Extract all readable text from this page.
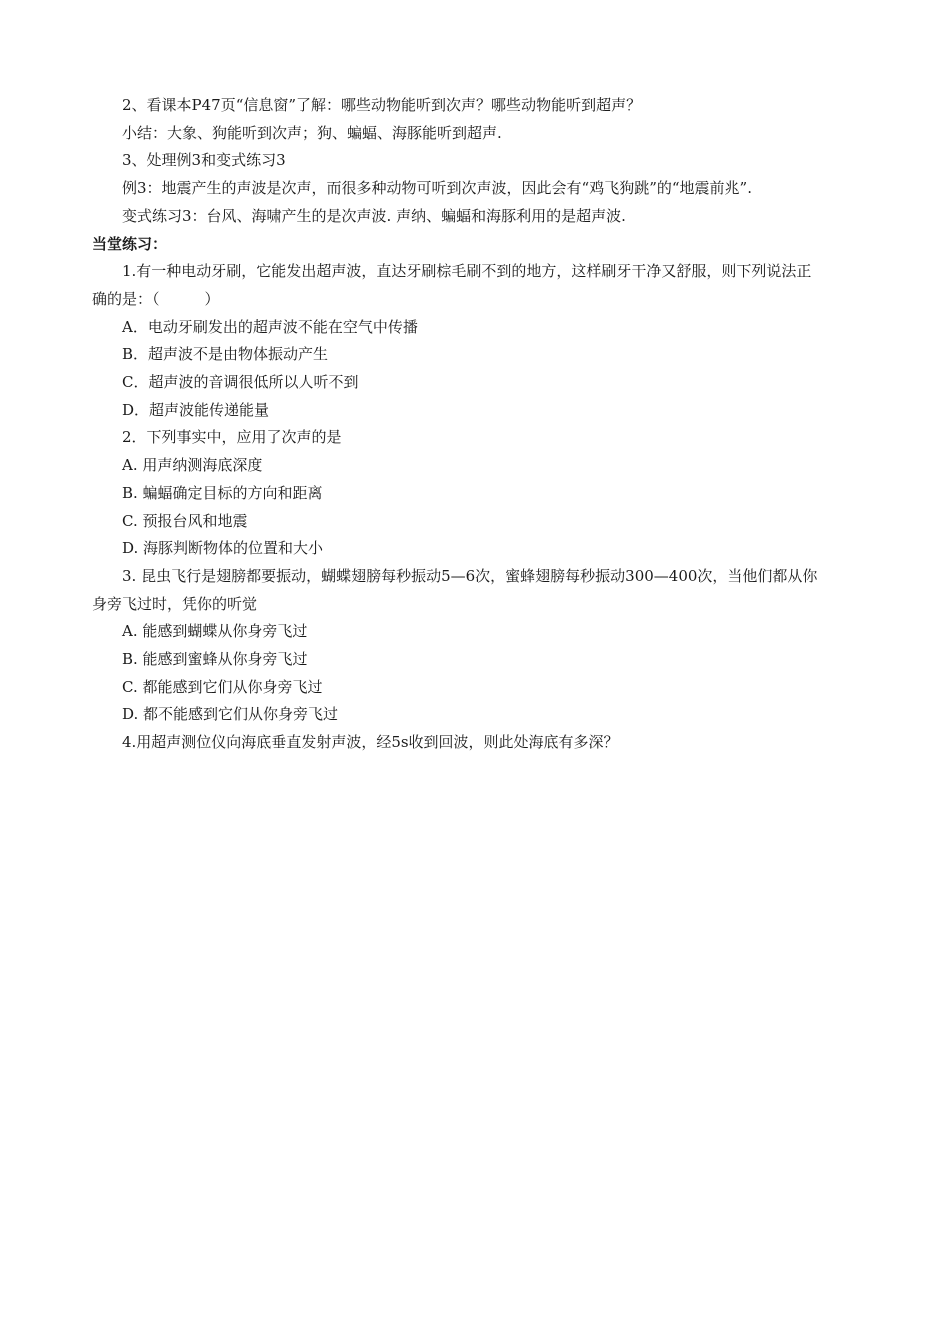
2、看课本P47页“信息窗”了解：哪些动物能听到次声？哪些动物能听到超声？
小结：大象、狗能听到次声；狗、蝙蝠、海豚能听到超声.
3、处理例3和变式练习3
例3：地震产生的声波是次声，而很多种动物可听到次声波，因此会有“鸡飞狗跳”的“地震前兆”.
变式练习3：台风、海啸产生的是次声波. 声纳、蝙蝠和海豚利用的是超声波.
当堂练习：
1.有一种电动牙刷，它能发出超声波，直达牙刷棕毛刷不到的地方，这样刷牙干净又舒服，则下列说法正确的是：（　　　）
A．电动牙刷发出的超声波不能在空气中传播
B．超声波不是由物体振动产生
C．超声波的音调很低所以人听不到
D．超声波能传递能量
2．下列事实中，应用了次声的是
A. 用声纳测海底深度
B. 蝙蝠确定目标的方向和距离
C. 预报台风和地震
D. 海豚判断物体的位置和大小
3. 昆虫飞行是翅膀都要振动，蝴蝶翅膀每秒振动5—6次，蜜蜂翅膀每秒振动300—400次，当他们都从你身旁飞过时，凭你的听觉
A. 能感到蝴蝶从你身旁飞过
B. 能感到蜜蜂从你身旁飞过
C. 都能感到它们从你身旁飞过
D. 都不能感到它们从你身旁飞过
4.用超声测位仪向海底垂直发射声波，经5s收到回波，则此处海底有多深？
